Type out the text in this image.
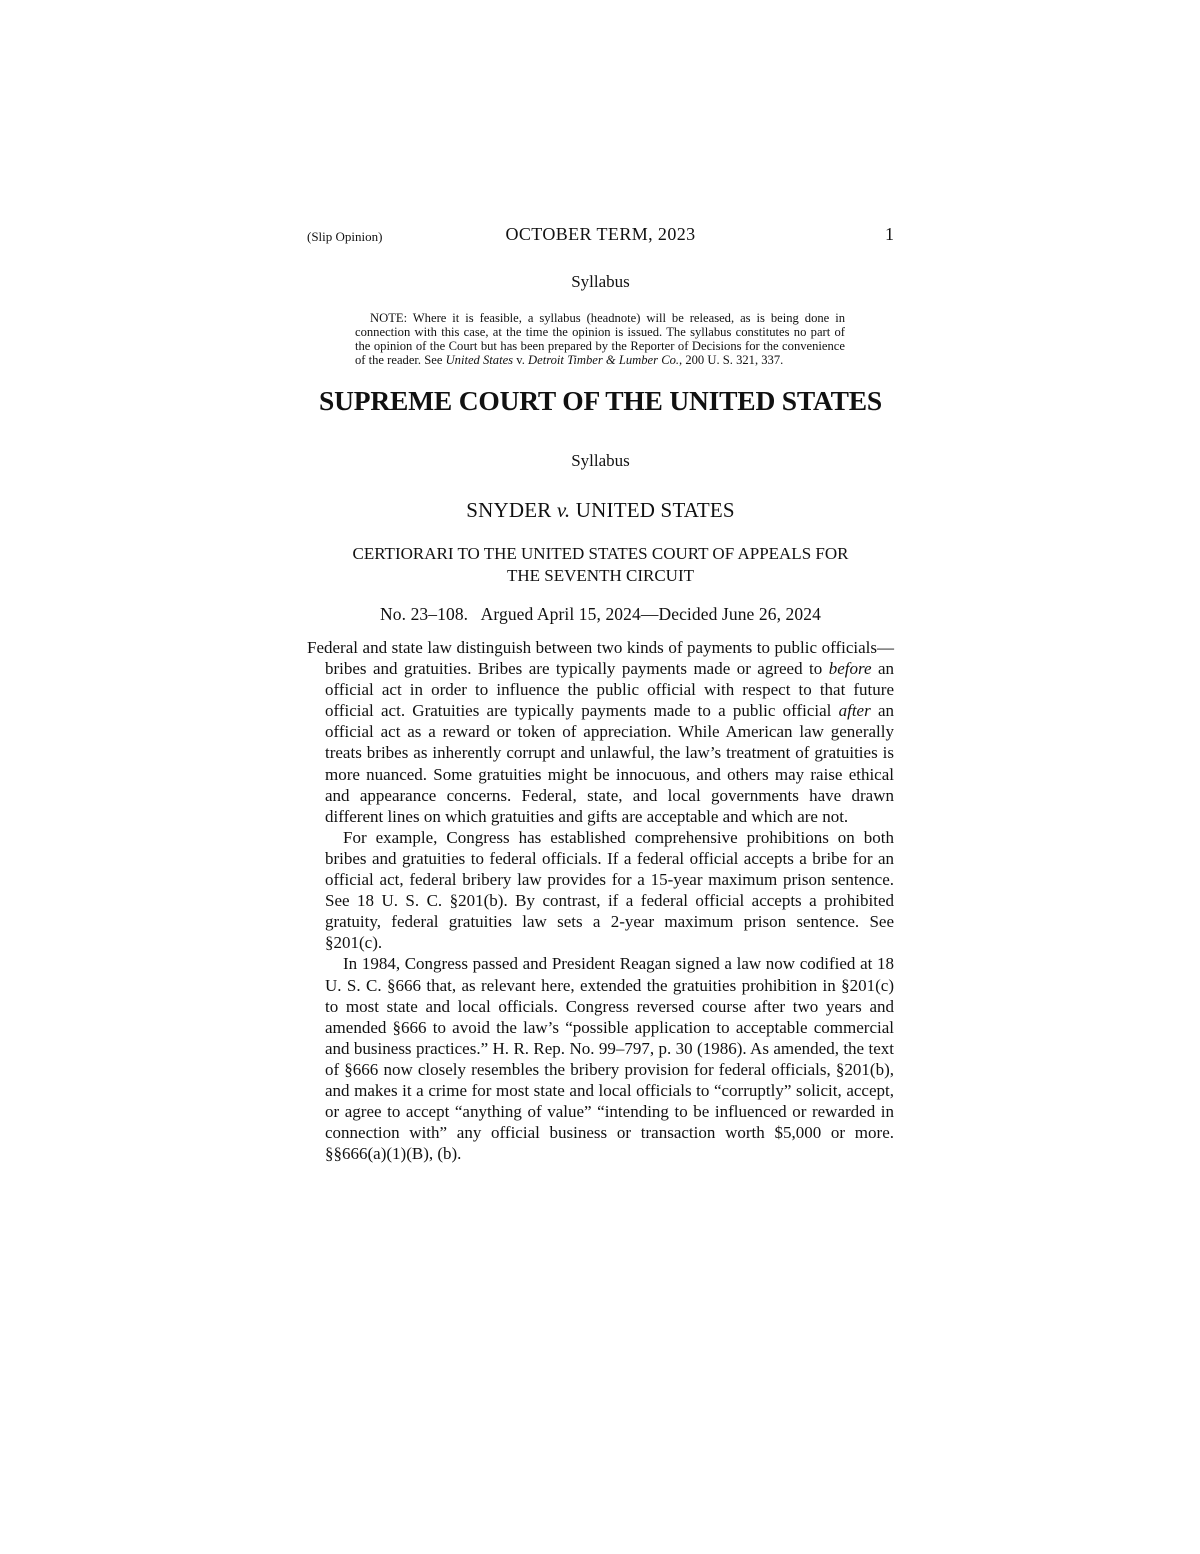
(Slip Opinion)	OCTOBER TERM, 2023	1
Syllabus

NOTE: Where it is feasible, a syllabus (headnote) will be released, as is being done in connection with this case, at the time the opinion is issued. The syllabus constitutes no part of the opinion of the Court but has been prepared by the Reporter of Decisions for the convenience of the reader. See United States v. Detroit Timber & Lumber Co., 200 U. S. 321, 337.

SUPREME COURT OF THE UNITED STATES
Syllabus
SNYDER v. UNITED STATES
CERTIORARI TO THE UNITED STATES COURT OF APPEALS FOR
THE SEVENTH CIRCUIT
No. 23–108.   Argued April 15, 2024—Decided June 26, 2024

Federal and state law distinguish between two kinds of payments to public officials—bribes and gratuities. Bribes are typically payments made or agreed to before an official act in order to influence the public official with respect to that future official act. Gratuities are typically payments made to a public official after an official act as a reward or token of appreciation. While American law generally treats bribes as inherently corrupt and unlawful, the law’s treatment of gratuities is more nuanced. Some gratuities might be innocuous, and others may raise ethical and appearance concerns. Federal, state, and local governments have drawn different lines on which gratuities and gifts are acceptable and which are not.

For example, Congress has established comprehensive prohibitions on both bribes and gratuities to federal officials. If a federal official accepts a bribe for an official act, federal bribery law provides for a 15-year maximum prison sentence. See 18 U. S. C. §201(b). By contrast, if a federal official accepts a prohibited gratuity, federal gratuities law sets a 2-year maximum prison sentence. See §201(c).

In 1984, Congress passed and President Reagan signed a law now codified at 18 U. S. C. §666 that, as relevant here, extended the gratuities prohibition in §201(c) to most state and local officials. Congress reversed course after two years and amended §666 to avoid the law’s “possible application to acceptable commercial and business practices.” H. R. Rep. No. 99–797, p. 30 (1986). As amended, the text of §666 now closely resembles the bribery provision for federal officials, §201(b), and makes it a crime for most state and local officials to “corruptly” solicit, accept, or agree to accept “anything of value” “intending to be influenced or rewarded in connection with” any official business or transaction worth $5,000 or more. §§666(a)(1)(B), (b).
